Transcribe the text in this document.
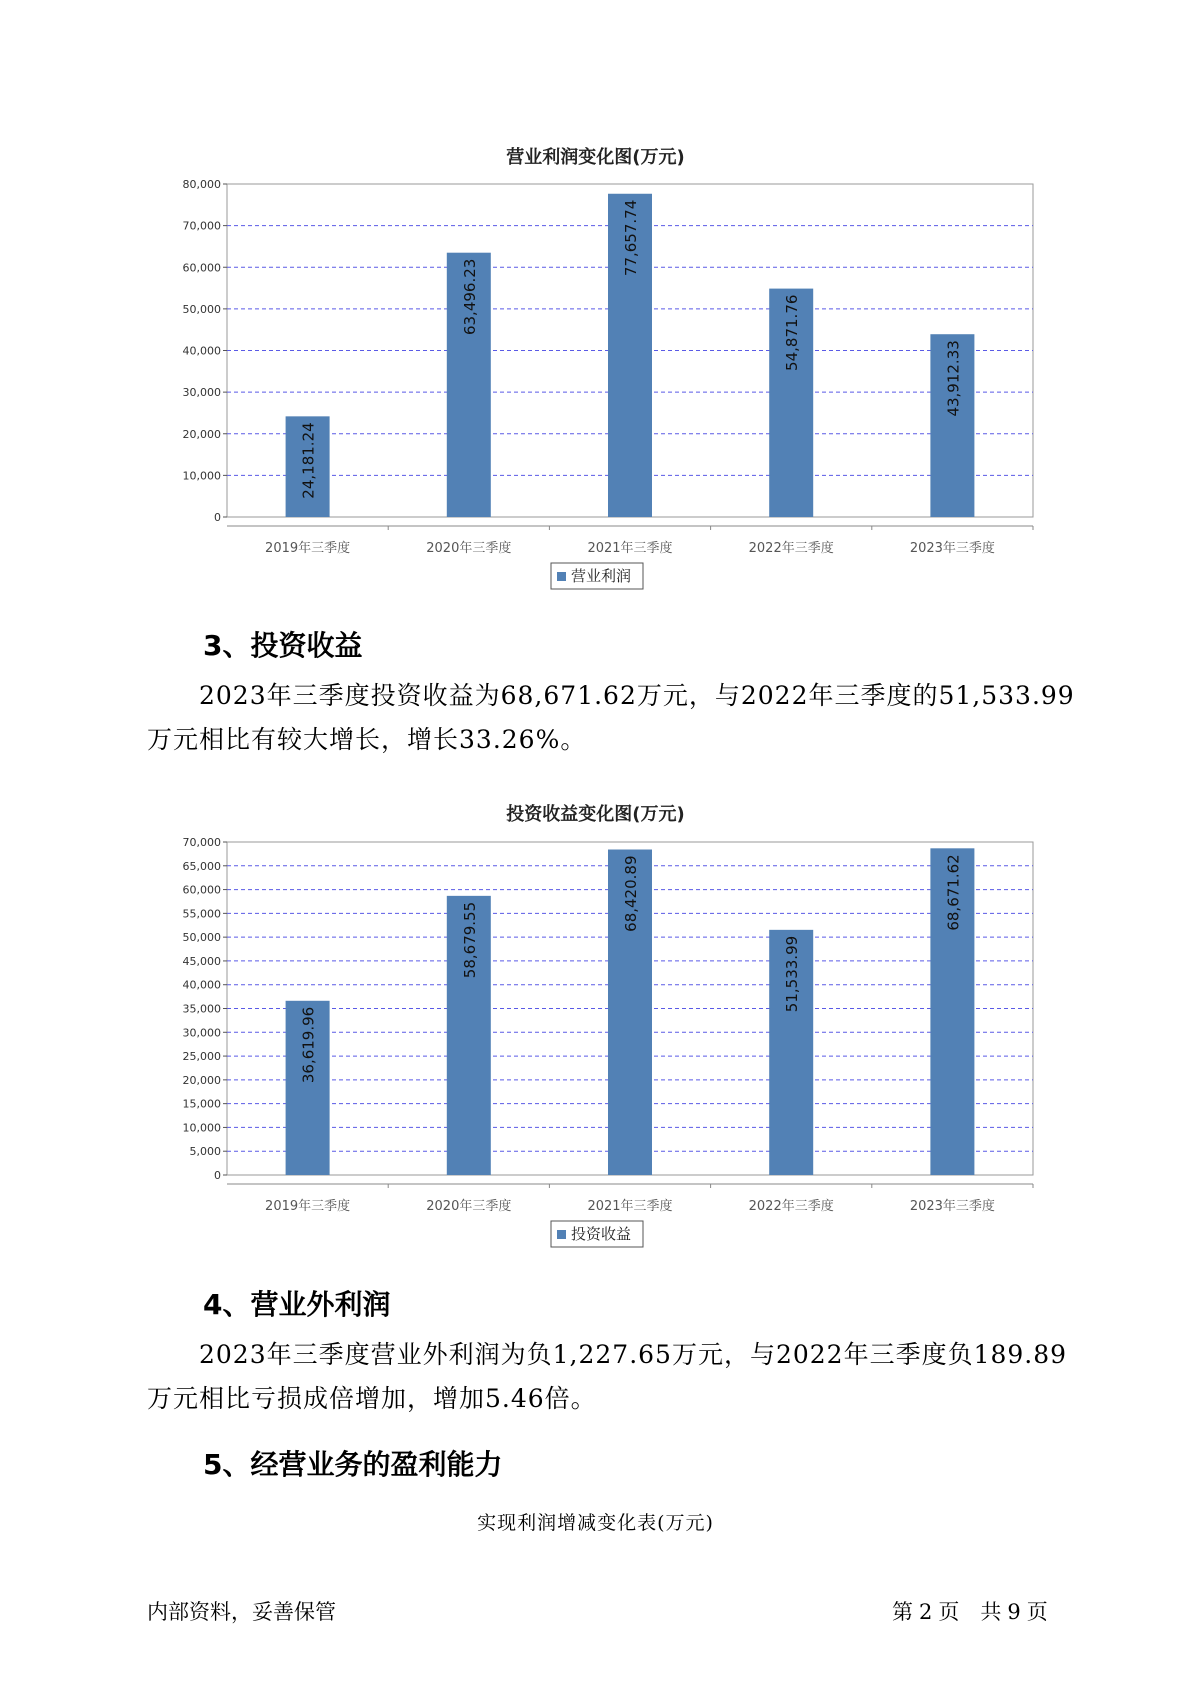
营业利润变化图(万元)
0
10,000
20,000
30,000
40,000
50,000
60,000
70,000
80,000
24,181.24
2019年三季度
63,496.23
2020年三季度
77,657.74
2021年三季度
54,871.76
2022年三季度
43,912.33
2023年三季度
营业利润
3、投资收益
2023年三季度投资收益为68,671.62万元，与2022年三季度的51,533.99万元相比有较大增长，增长33.26%。
投资收益变化图(万元)
0
5,000
10,000
15,000
20,000
25,000
30,000
35,000
40,000
45,000
50,000
55,000
60,000
65,000
70,000
36,619.96
2019年三季度
58,679.55
2020年三季度
68,420.89
2021年三季度
51,533.99
2022年三季度
68,671.62
2023年三季度
投资收益
4、营业外利润
2023年三季度营业外利润为负1,227.65万元，与2022年三季度负189.89万元相比亏损成倍增加，增加5.46倍。
5、经营业务的盈利能力
实现利润增减变化表(万元)
内部资料，妥善保管	第 2 页　共 9 页
